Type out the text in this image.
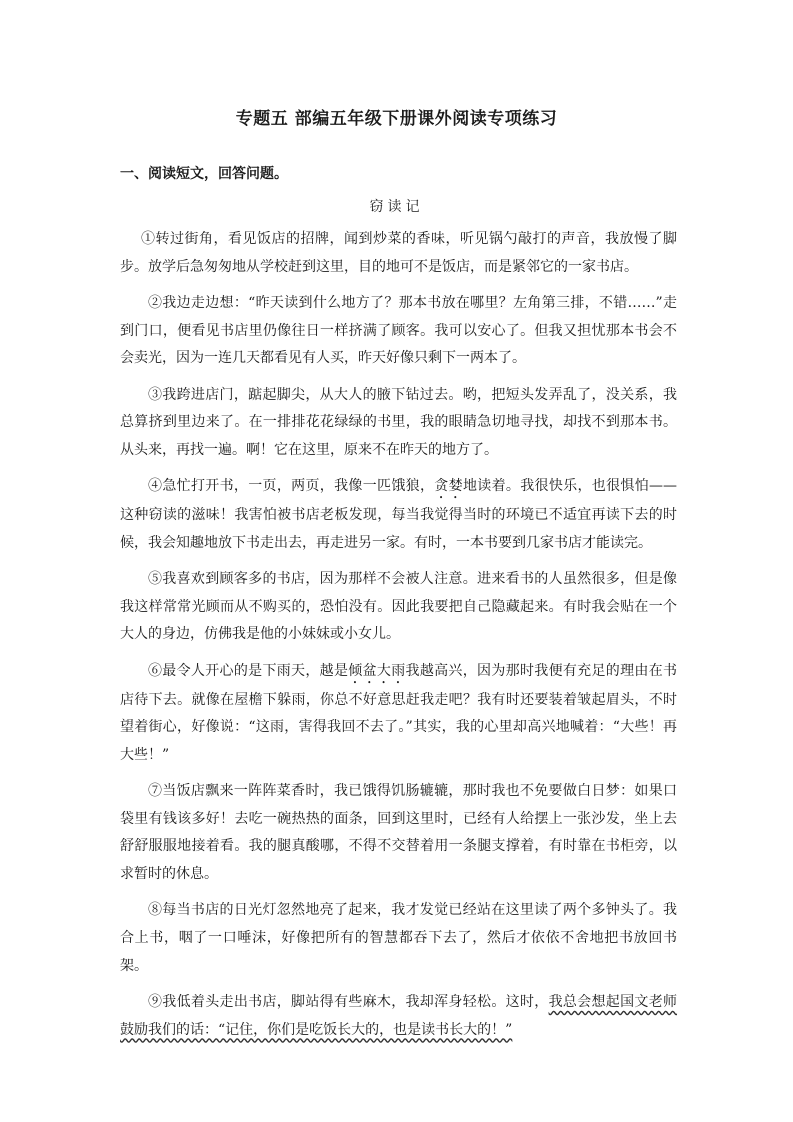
专题五 部编五年级下册课外阅读专项练习
一、阅读短文，回答问题。
窃读记

①转过街角，看见饭店的招牌，闻到炒菜的香味，听见锅勺敲打的声音，我放慢了脚步。放学后急匆匆地从学校赶到这里，目的地可不是饭店，而是紧邻它的一家书店。

②我边走边想：“昨天读到什么地方了？那本书放在哪里？左角第三排，不错……”走到门口，便看见书店里仍像往日一样挤满了顾客。我可以安心了。但我又担忧那本书会不会卖光，因为一连几天都看见有人买，昨天好像只剩下一两本了。

③我跨进店门，踮起脚尖，从大人的腋下钻过去。哟，把短头发弄乱了，没关系，我总算挤到里边来了。在一排排花花绿绿的书里，我的眼睛急切地寻找，却找不到那本书。从头来，再找一遍。啊！它在这里，原来不在昨天的地方了。

④急忙打开书，一页，两页，我像一匹饿狼，贪婪地读着。我很快乐，也很惧怕——这种窃读的滋味！我害怕被书店老板发现，每当我觉得当时的环境已不适宜再读下去的时候，我会知趣地放下书走出去，再走进另一家。有时，一本书要到几家书店才能读完。

⑤我喜欢到顾客多的书店，因为那样不会被人注意。进来看书的人虽然很多，但是像我这样常常光顾而从不购买的，恐怕没有。因此我要把自己隐藏起来。有时我会贴在一个大人的身边，仿佛我是他的小妹妹或小女儿。

⑥最令人开心的是下雨天，越是倾盆大雨我越高兴，因为那时我便有充足的理由在书店待下去。就像在屋檐下躲雨，你总不好意思赶我走吧？我有时还要装着皱起眉头，不时望着街心，好像说：“这雨，害得我回不去了。”其实，我的心里却高兴地喊着：“大些！再大些！”

⑦当饭店飘来一阵阵菜香时，我已饿得饥肠辘辘，那时我也不免要做白日梦：如果口袋里有钱该多好！去吃一碗热热的面条，回到这里时，已经有人给摆上一张沙发，坐上去舒舒服服地接着看。我的腿真酸哪，不得不交替着用一条腿支撑着，有时靠在书柜旁，以求暂时的休息。

⑧每当书店的日光灯忽然地亮了起来，我才发觉已经站在这里读了两个多钟头了。我合上书，咽了一口唾沫，好像把所有的智慧都吞下去了，然后才依依不舍地把书放回书架。

⑨我低着头走出书店，脚站得有些麻木，我却浑身轻松。这时，我总会想起国文老师鼓励我们的话：“记住，你们是吃饭长大的，也是读书长大的！”
